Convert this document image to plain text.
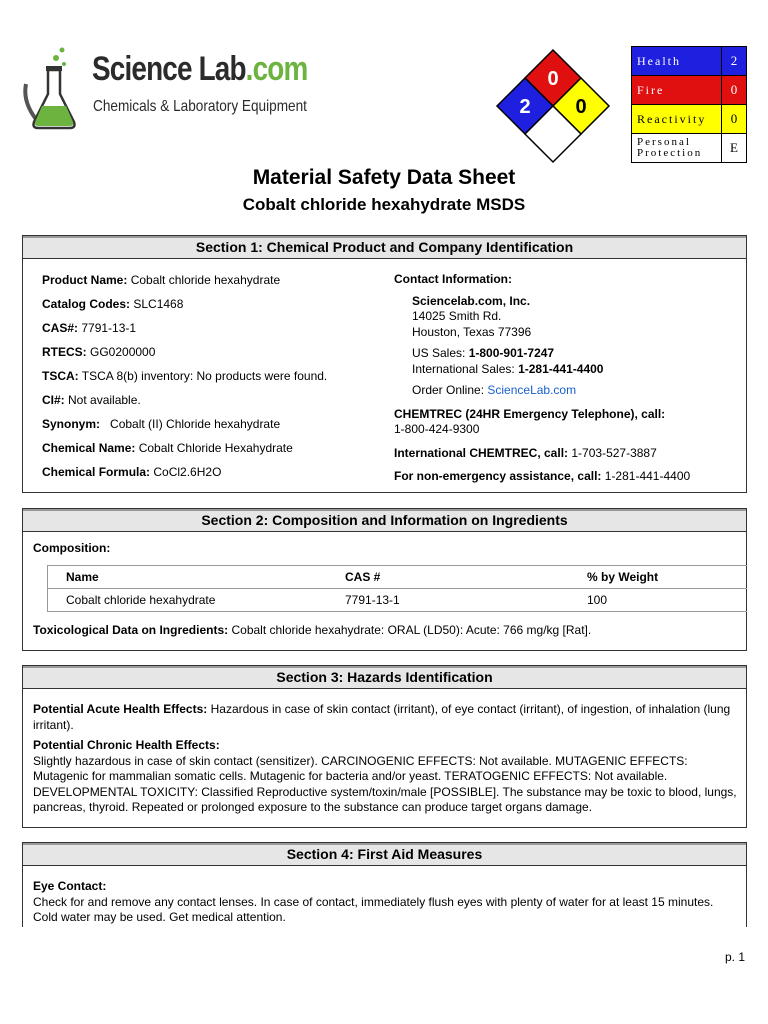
Science Lab.com
Chemicals & Laboratory Equipment
0
2 0
Health	2
Fire	0
Reactivity	0
Personal Protection	E
Material Safety Data Sheet
Cobalt chloride hexahydrate MSDS
Section 1: Chemical Product and Company Identification
Product Name: Cobalt chloride hexahydrate
Catalog Codes: SLC1468
CAS#: 7791-13-1
RTECS: GG0200000
TSCA: TSCA 8(b) inventory: No products were found.
CI#: Not available.
Synonym: Cobalt (II) Chloride hexahydrate
Chemical Name: Cobalt Chloride Hexahydrate
Chemical Formula: CoCl2.6H2O
Contact Information:
Sciencelab.com, Inc.
14025 Smith Rd.
Houston, Texas 77396
US Sales: 1-800-901-7247
International Sales: 1-281-441-4400
Order Online: ScienceLab.com
CHEMTREC (24HR Emergency Telephone), call:
1-800-424-9300
International CHEMTREC, call: 1-703-527-3887
For non-emergency assistance, call: 1-281-441-4400
Section 2: Composition and Information on Ingredients
Composition:
Name	CAS #	% by Weight
Cobalt chloride hexahydrate	7791-13-1	100
Toxicological Data on Ingredients: Cobalt chloride hexahydrate: ORAL (LD50): Acute: 766 mg/kg [Rat].
Section 3: Hazards Identification

Potential Acute Health Effects: Hazardous in case of skin contact (irritant), of eye contact (irritant), of ingestion, of inhalation (lung irritant).

Potential Chronic Health Effects:
Slightly hazardous in case of skin contact (sensitizer). CARCINOGENIC EFFECTS: Not available. MUTAGENIC EFFECTS: Mutagenic for mammalian somatic cells. Mutagenic for bacteria and/or yeast. TERATOGENIC EFFECTS: Not available. DEVELOPMENTAL TOXICITY: Classified Reproductive system/toxin/male [POSSIBLE]. The substance may be toxic to blood, lungs, pancreas, thyroid. Repeated or prolonged exposure to the substance can produce target organs damage.

Section 4: First Aid Measures
Eye Contact:
Check for and remove any contact lenses. In case of contact, immediately flush eyes with plenty of water for at least 15 minutes. Cold water may be used. Get medical attention.
p. 1
